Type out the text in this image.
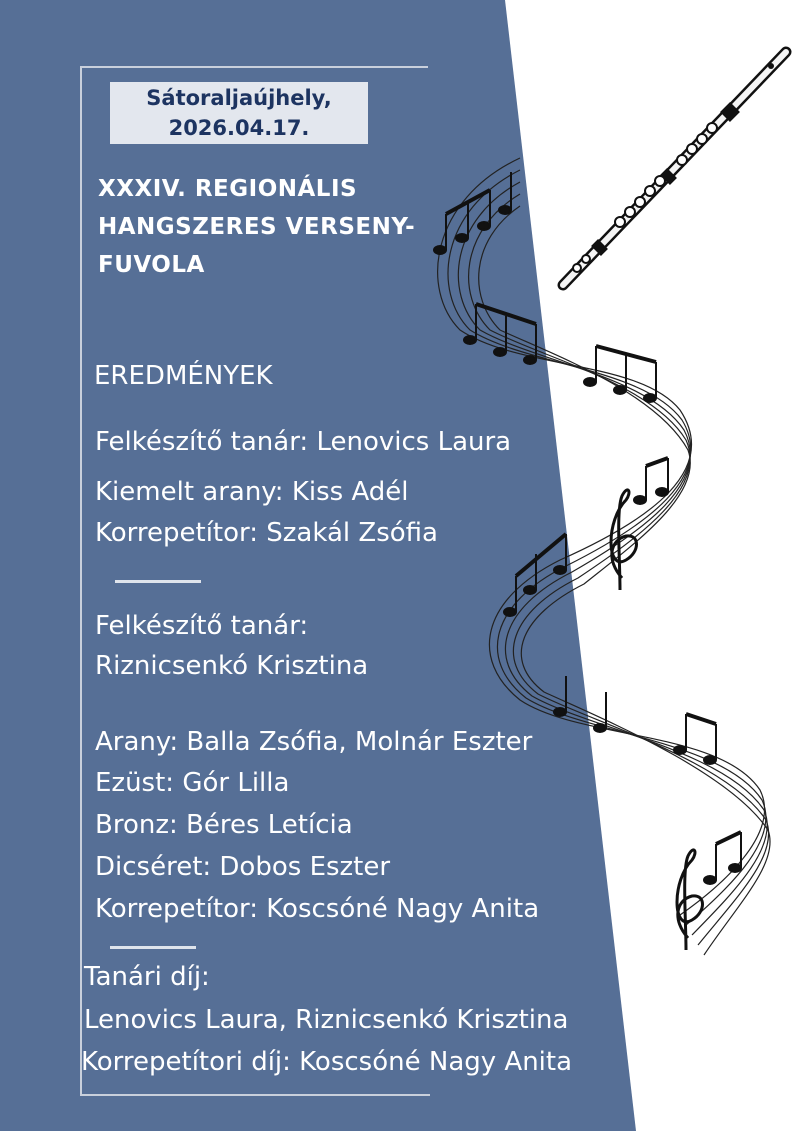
Sátoraljaújhely,
2026.04.17.
XXXIV. REGIONÁLIS
HANGSZERES VERSENY-
FUVOLA
EREDMÉNYEK
Felkészítő tanár: Lenovics Laura
Kiemelt arany: Kiss Adél
Korrepetítor: Szakál Zsófia
Felkészítő tanár:
Riznicsenkó Krisztina
Arany: Balla Zsófia, Molnár Eszter
Ezüst: Gór Lilla
Bronz: Béres Letícia
Dicséret: Dobos Eszter
Korrepetítor: Koscsóné Nagy Anita
Tanári díj:
Lenovics Laura, Riznicsenkó Krisztina
Korrepetítori díj: Koscsóné Nagy Anita
